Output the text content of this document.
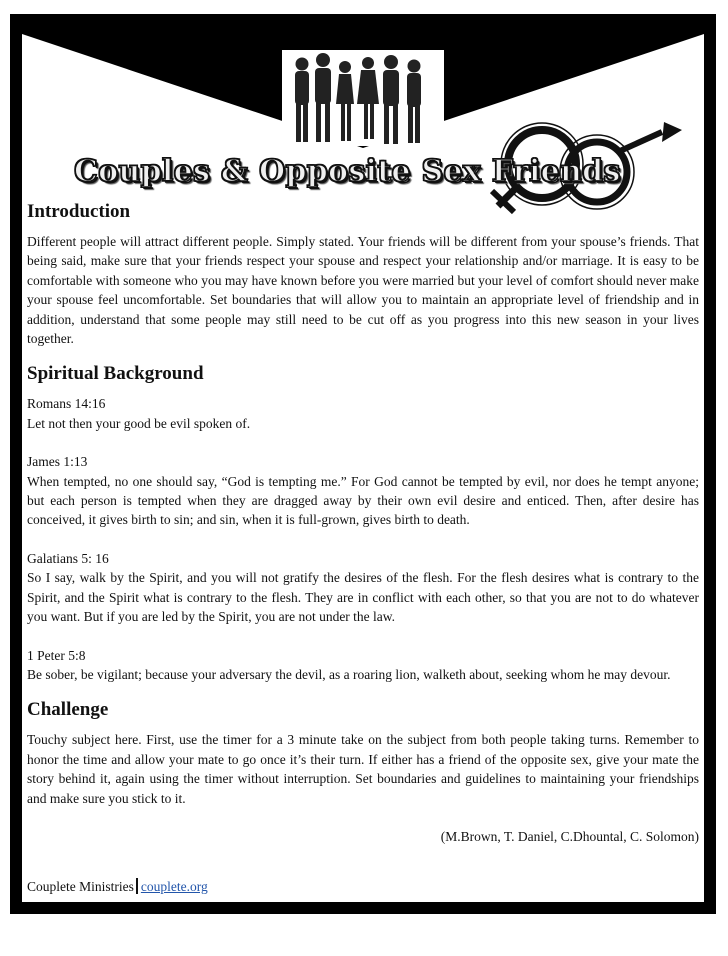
Couples & Opposite Sex Friends
Introduction

Different people will attract different people. Simply stated. Your friends will be different from your spouse’s friends. That being said, make sure that your friends respect your spouse and respect your relationship and/or marriage. It is easy to be comfortable with someone who you may have known before you were married but your level of comfort should never make your spouse feel uncomfortable. Set boundaries that will allow you to maintain an appropriate level of friendship and in addition, understand that some people may still need to be cut off as you progress into this new season in your lives together.

Spiritual Background

Romans 14:16

Let not then your good be evil spoken of.

James 1:13

When tempted, no one should say, “God is tempting me.” For God cannot be tempted by evil, nor does he tempt anyone; but each person is tempted when they are dragged away by their own evil desire and enticed. Then, after desire has conceived, it gives birth to sin; and sin, when it is full-grown, gives birth to death.

Galatians 5: 16

So I say, walk by the Spirit, and you will not gratify the desires of the flesh. For the flesh desires what is contrary to the Spirit, and the Spirit what is contrary to the flesh. They are in conflict with each other, so that you are not to do whatever you want. But if you are led by the Spirit, you are not under the law.

1 Peter 5:8

Be sober, be vigilant; because your adversary the devil, as a roaring lion, walketh about, seeking whom he may devour.

Challenge

Touchy subject here. First, use the timer for a 3 minute take on the subject from both people taking turns. Remember to honor the time and allow your mate to go once it’s their turn. If either has a friend of the opposite sex, give your mate the story behind it, again using the timer without interruption. Set boundaries and guidelines to maintaining your friendships and make sure you stick to it.

(M.Brown, T. Daniel, C.Dhountal, C. Solomon)

Couplete Ministries couplete.org
